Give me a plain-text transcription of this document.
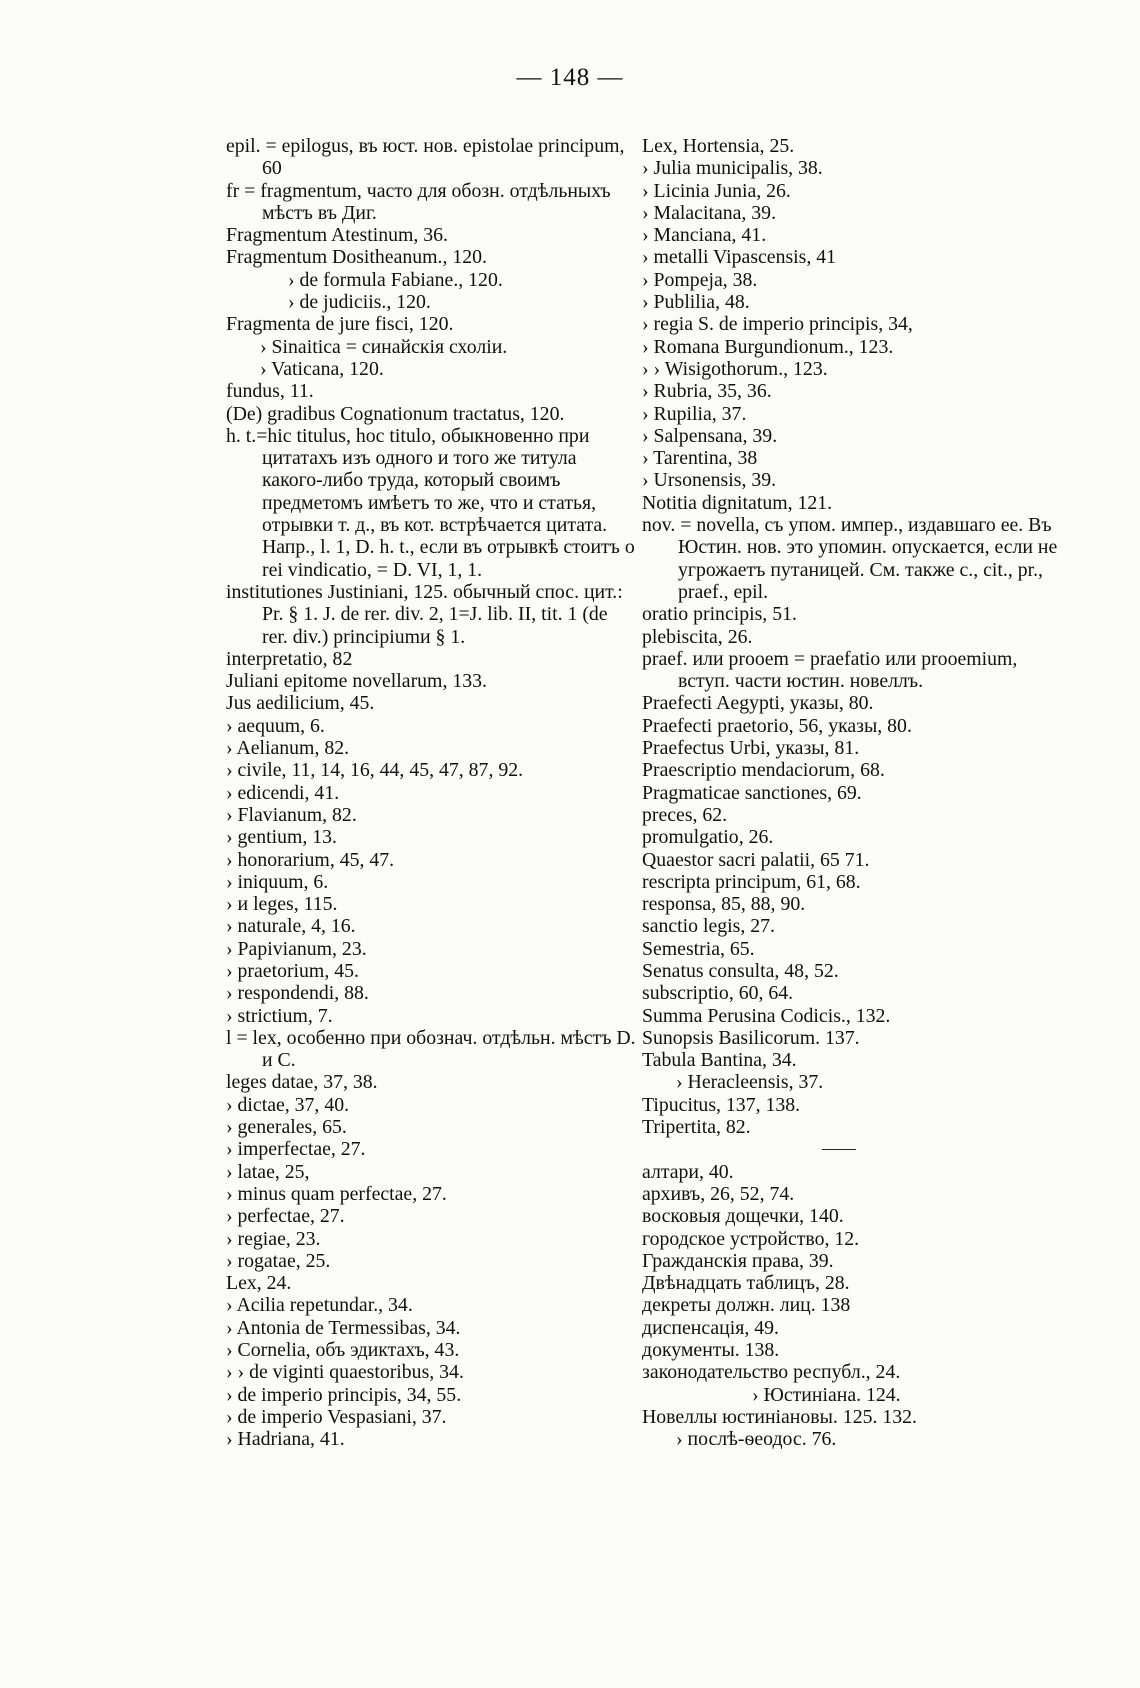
— 148 —

epil. = epilogus, въ юст. нов. epistolae principum, 60

fr = fragmentum, часто для обозн. отдѣльныхъ мѣстъ въ Диг.

Fragmentum Atestinum, 36.

Fragmentum Dositheanum., 120.

› de formula Fabiane., 120.

› de judiciis., 120.

Fragmenta de jure fisci, 120.

› Sinaitica = синайскія схоліи.

› Vaticana, 120.

fundus, 11.

(De) gradibus Cognationum tractatus, 120.

h. t.=hic titulus, hoc titulo, обыкновенно при цитатахъ изъ одного и того же титула какого-либо труда, который своимъ предметомъ имѣетъ то же, что и статья, отрывки т. д., въ кот. встрѣчается цитата. Напр., l. 1, D. h. t., если въ отрывкѣ стоитъ o rei vindicatio, = D. VI, 1, 1.

institutiones Justiniani, 125. обычный спос. цит.: Pr. § 1. J. de rer. div. 2, 1=J. lib. II, tit. 1 (de rer. div.) principiumи § 1.

interpretatio, 82

Juliani epitome novellarum, 133.

Jus aedilicium, 45.

› aequum, 6.

› Aelianum, 82.

› civile, 11, 14, 16, 44, 45, 47, 87, 92.

› edicendi, 41.

› Flavianum, 82.

› gentium, 13.

› honorarium, 45, 47.

› iniquum, 6.

› и leges, 115.

› naturale, 4, 16.

› Papivianum, 23.

› praetorium, 45.

› respondendi, 88.

› strictium, 7.

l = lex, особенно при обознач. отдѣльн. мѣстъ D. и C.

leges datae, 37, 38.

› dictae, 37, 40.

› generales, 65.

› imperfectae, 27.

› latae, 25,

› minus quam perfectae, 27.

› perfectae, 27.

› regiae, 23.

› rogatae, 25.

Lex, 24.

› Acilia repetundar., 34.

› Antonia de Termessibas, 34.

› Cornelia, объ эдиктахъ, 43.

› › de viginti quaestoribus, 34.

› de imperio principis, 34, 55.

› de imperio Vespasiani, 37.

› Hadriana, 41.

Lex, Hortensia, 25.

› Julia municipalis, 38.

› Licinia Junia, 26.

› Malacitana, 39.

› Manciana, 41.

› metalli Vipascensis, 41

› Pompeja, 38.

› Publilia, 48.

› regia S. de imperio principis, 34,

› Romana Burgundionum., 123.

› › Wisigothorum., 123.

› Rubria, 35, 36.

› Rupilia, 37.

› Salpensana, 39.

› Tarentina, 38

› Ursonensis, 39.

Notitia dignitatum, 121.

nov. = novella, съ упом. импер., издавшаго ее. Въ Юстин. нов. это упомин. опускается, если не угрожаетъ путаницей. См. также с., cit., pr., praef., epil.

oratio principis, 51.

plebiscita, 26.

praef. или prooem = praefatio или prooemium, вступ. части юстин. новеллъ.

Praefecti Aegypti, указы, 80.

Praefecti praetorio, 56, указы, 80.

Praefectus Urbi, указы, 81.

Praescriptio mendaciorum, 68.

Pragmaticae sanctiones, 69.

preces, 62.

promulgatio, 26.

Quaestor sacri palatii, 65 71.

rescripta principum, 61, 68.

responsa, 85, 88, 90.

sanctio legis, 27.

Semestria, 65.

Senatus consulta, 48, 52.

subscriptio, 60, 64.

Summa Perusina Codicis., 132.

Sunopsis Basilicorum. 137.

Tabula Bantina, 34.

› Heracleensis, 37.

Tipucitus, 137, 138.

Tripertita, 82.

алтари, 40.

архивъ, 26, 52, 74.

восковыя дощечки, 140.

городское устройство, 12.

Гражданскія права, 39.

Двѣнадцать таблицъ, 28.

декреты должн. лиц. 138

диспенсація, 49.

документы. 138.

законодательство республ., 24.

› Юстиніана. 124.

Новеллы юстиніановы. 125. 132.

› послѣ-ѳеодос. 76.
